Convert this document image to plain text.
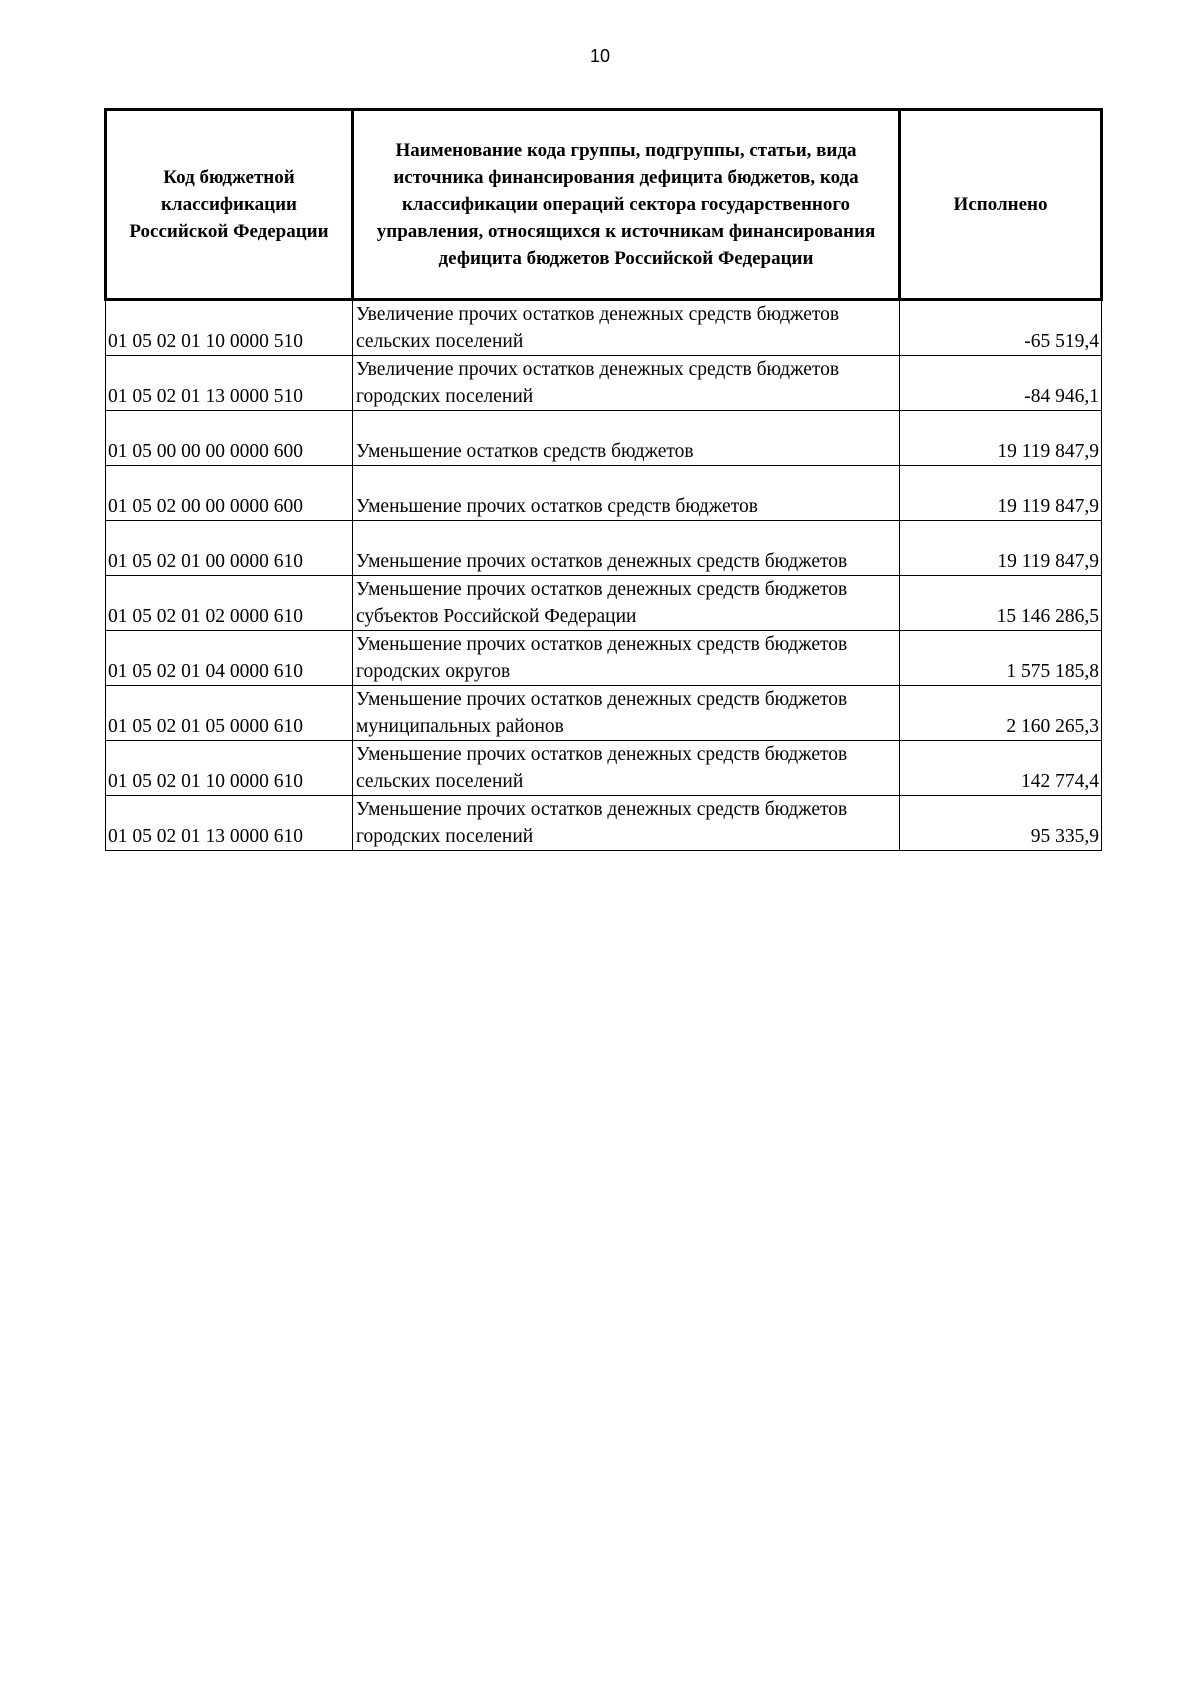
10
Код бюджетной классификации Российской Федерации	Наименование кода группы, подгруппы, статьи, вида источника финансирования дефицита бюджетов, кода классификации операций сектора государственного управления, относящихся к источникам финансирования дефицита бюджетов Российской Федерации	Исполнено
01 05 02 01 10 0000 510	Увеличение прочих остатков денежных средств бюджетов сельских поселений	-65 519,4
01 05 02 01 13 0000 510	Увеличение прочих остатков денежных средств бюджетов городских поселений	-84 946,1
01 05 00 00 00 0000 600	Уменьшение остатков средств бюджетов	19 119 847,9
01 05 02 00 00 0000 600	Уменьшение прочих остатков средств бюджетов	19 119 847,9
01 05 02 01 00 0000 610	Уменьшение прочих остатков денежных средств бюджетов	19 119 847,9
01 05 02 01 02 0000 610	Уменьшение прочих остатков денежных средств бюджетов субъектов Российской Федерации	15 146 286,5
01 05 02 01 04 0000 610	Уменьшение прочих остатков денежных средств бюджетов городских округов	1 575 185,8
01 05 02 01 05 0000 610	Уменьшение прочих остатков денежных средств бюджетов муниципальных районов	2 160 265,3
01 05 02 01 10 0000 610	Уменьшение прочих остатков денежных средств бюджетов сельских поселений	142 774,4
01 05 02 01 13 0000 610	Уменьшение прочих остатков денежных средств бюджетов городских поселений	95 335,9
